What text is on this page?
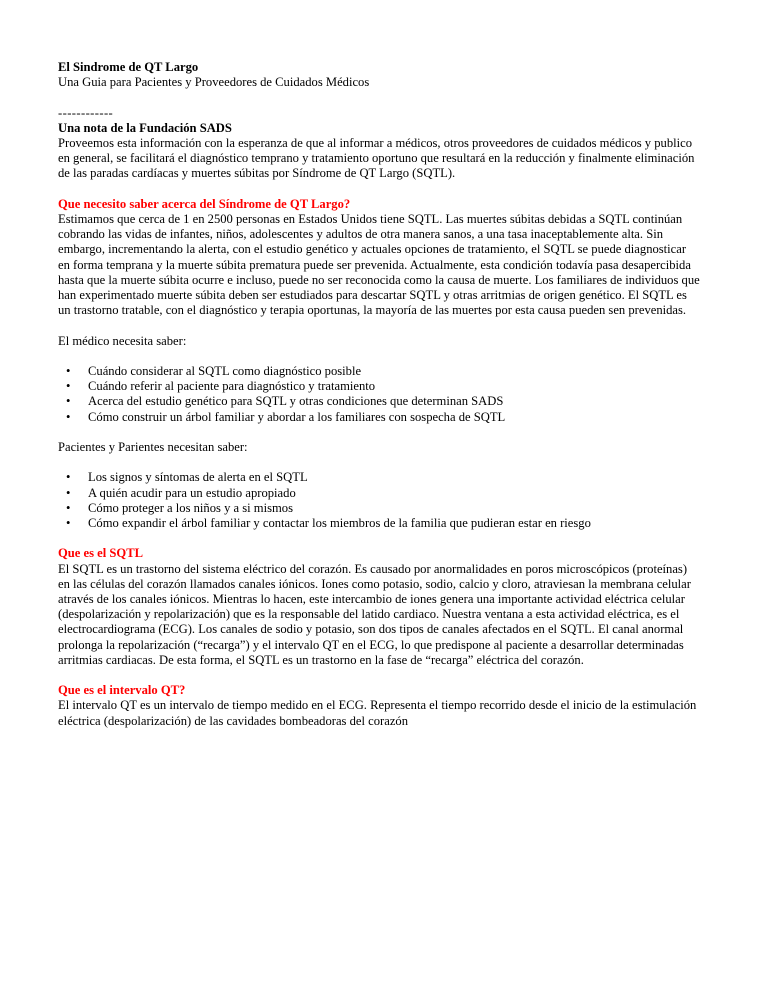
El Sindrome de QT Largo
Una Guia para Pacientes y Proveedores de Cuidados Médicos

------------
Una nota de la Fundación SADS

Proveemos esta información con la esperanza de que al informar a médicos, otros proveedores de cuidados médicos y publico en general, se facilitará el diagnóstico temprano y tratamiento oportuno que resultará en la reducción y finalmente eliminación de las paradas cardíacas y muertes súbitas por Síndrome de QT Largo (SQTL).

Que necesito saber acerca del Síndrome de QT Largo?

Estimamos que cerca de 1 en 2500 personas en Estados Unidos tiene SQTL. Las muertes súbitas debidas a SQTL continúan cobrando las vidas de infantes, niños, adolescentes y adultos de otra manera sanos, a una tasa inaceptablemente alta. Sin embargo, incrementando la alerta, con el estudio genético y actuales opciones de tratamiento, el SQTL se puede diagnosticar en forma temprana y la muerte súbita prematura puede ser prevenida. Actualmente, esta condición todavía pasa desapercibida hasta que la muerte súbita ocurre e incluso, puede no ser reconocida como la causa de muerte. Los familiares de individuos que han experimentado muerte súbita deben ser estudiados para descartar SQTL y otras arritmias de origen genético. El SQTL es un trastorno tratable, con el diagnóstico y terapia oportunas, la mayoría de las muertes por esta causa pueden sen prevenidas.

El médico necesita saber:

• Cuándo considerar al SQTL como diagnóstico posible
• Cuándo referir al paciente para diagnóstico y tratamiento
• Acerca del estudio genético para SQTL y otras condiciones que determinan SADS
• Cómo construir un árbol familiar y abordar a los familiares con sospecha de SQTL

Pacientes y Parientes necesitan saber:

• Los signos y síntomas de alerta en el SQTL
• A quién acudir para un estudio apropiado
• Cómo proteger a los niños y a si mismos
• Cómo expandir el árbol familiar y contactar los miembros de la familia que pudieran estar en riesgo

Que es el SQTL

El SQTL es un trastorno del sistema eléctrico del corazón. Es causado por anormalidades en poros microscópicos (proteínas) en las células del corazón llamados canales iónicos. Iones como potasio, sodio, calcio y cloro, atraviesan la membrana celular através de los canales iónicos. Mientras lo hacen, este intercambio de iones genera una importante actividad eléctrica celular (despolarización y repolarización) que es la responsable del latido cardiaco. Nuestra ventana a esta actividad eléctrica, es el electrocardiograma (ECG). Los canales de sodio y potasio, son dos tipos de canales afectados en el SQTL. El canal anormal prolonga la repolarización (“recarga”) y el intervalo QT en el ECG, lo que predispone al paciente a desarrollar determinadas arritmias cardiacas. De esta forma, el SQTL es un trastorno en la fase de “recarga” eléctrica del corazón.

Que es el intervalo QT?

El intervalo QT es un intervalo de tiempo medido en el ECG. Representa el tiempo recorrido desde el inicio de la estimulación eléctrica (despolarización) de las cavidades bombeadoras del corazón
